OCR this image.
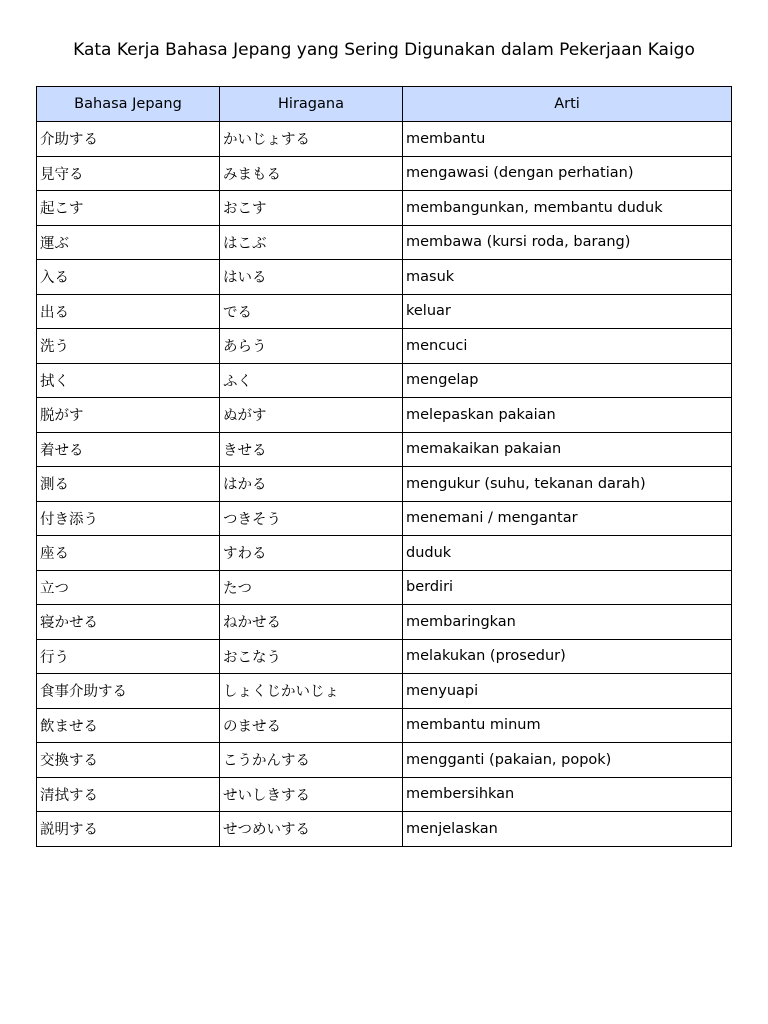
Kata Kerja Bahasa Jepang yang Sering Digunakan dalam Pekerjaan Kaigo
Bahasa Jepang	Hiragana	Arti
介助する	かいじょする	membantu
見守る	みまもる	mengawasi (dengan perhatian)
起こす	おこす	membangunkan, membantu duduk
運ぶ	はこぶ	membawa (kursi roda, barang)
入る	はいる	masuk
出る	でる	keluar
洗う	あらう	mencuci
拭く	ふく	mengelap
脱がす	ぬがす	melepaskan pakaian
着せる	きせる	memakaikan pakaian
測る	はかる	mengukur (suhu, tekanan darah)
付き添う	つきそう	menemani / mengantar
座る	すわる	duduk
立つ	たつ	berdiri
寝かせる	ねかせる	membaringkan
行う	おこなう	melakukan (prosedur)
食事介助する	しょくじかいじょ	menyuapi
飲ませる	のませる	membantu minum
交換する	こうかんする	mengganti (pakaian, popok)
清拭する	せいしきする	membersihkan
説明する	せつめいする	menjelaskan
